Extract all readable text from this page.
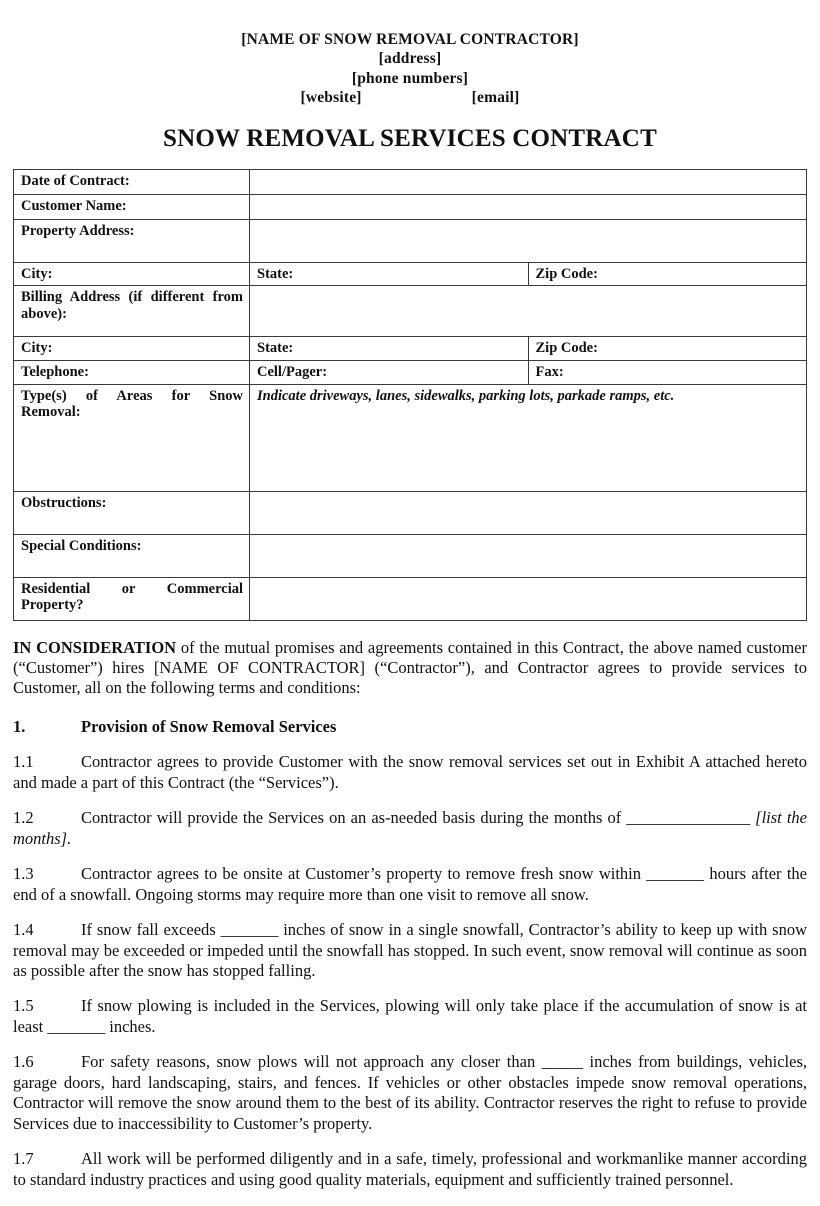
[NAME OF SNOW REMOVAL CONTRACTOR]
[address]
[phone numbers]
[website]	[email]
SNOW REMOVAL SERVICES CONTRACT
Date of Contract:		
Customer Name:		
Property Address:		
City:	State:	Zip Code:
Billing Address (if different from above):		
City:	State:	Zip Code:
Telephone:	Cell/Pager:	Fax:
Type(s) of Areas for Snow Removal:	Indicate driveways, lanes, sidewalks, parking lots, parkade ramps, etc.	
Obstructions:		
Special Conditions:		
Residential or Commercial Property?		
IN CONSIDERATION of the mutual promises and agreements contained in this Contract, the above named customer (“Customer”) hires [NAME OF CONTRACTOR] (“Contractor”), and Contractor agrees to provide services to Customer, all on the following terms and conditions:
1.	Provision of Snow Removal Services
1.1	Contractor agrees to provide Customer with the snow removal services set out in Exhibit A attached hereto and made a part of this Contract (the “Services”).
1.2	Contractor will provide the Services on an as-needed basis during the months of _______________ [list the months].
1.3	Contractor agrees to be onsite at Customer’s property to remove fresh snow within _______ hours after the end of a snowfall. Ongoing storms may require more than one visit to remove all snow.
1.4	If snow fall exceeds _______ inches of snow in a single snowfall, Contractor’s ability to keep up with snow removal may be exceeded or impeded until the snowfall has stopped. In such event, snow removal will continue as soon as possible after the snow has stopped falling.
1.5	If snow plowing is included in the Services, plowing will only take place if the accumulation of snow is at least _______ inches.
1.6	For safety reasons, snow plows will not approach any closer than _____ inches from buildings, vehicles, garage doors, hard landscaping, stairs, and fences. If vehicles or other obstacles impede snow removal operations, Contractor will remove the snow around them to the best of its ability. Contractor reserves the right to refuse to provide Services due to inaccessibility to Customer’s property.
1.7	All work will be performed diligently and in a safe, timely, professional and workmanlike manner according to standard industry practices and using good quality materials, equipment and sufficiently trained personnel.
